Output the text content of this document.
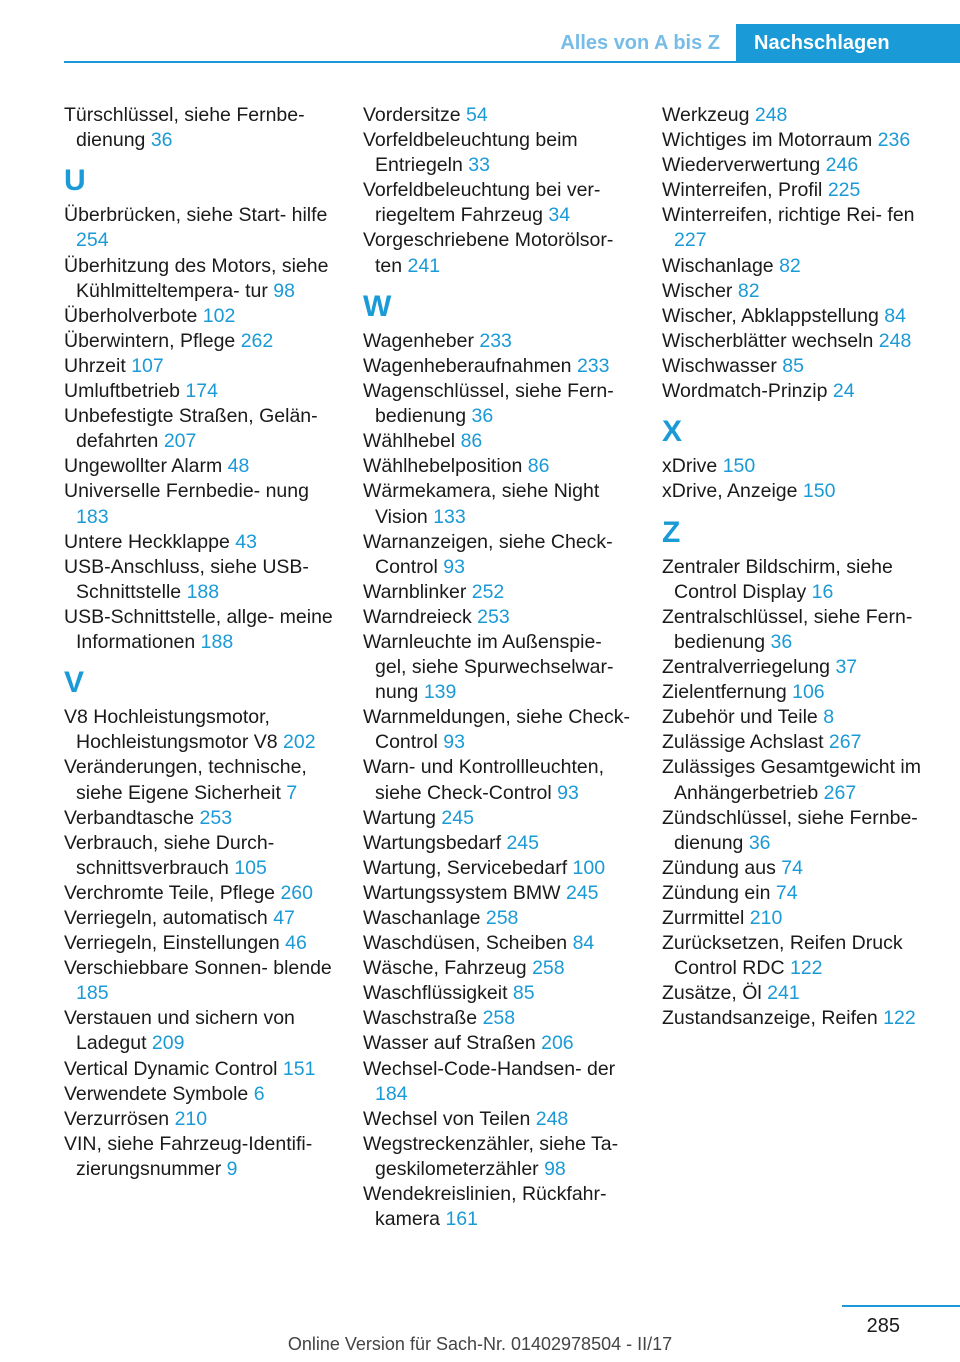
Alles von A bis Z	Nachschlagen
Türschlüssel, siehe Fernbe- dienung 36
U
Überbrücken, siehe Start- hilfe 254
Überhitzung des Motors, siehe Kühlmitteltempera- tur 98
Überholverbote 102
Überwintern, Pflege 262
Uhrzeit 107
Umluftbetrieb 174
Unbefestigte Straßen, Gelän- defahrten 207
Ungewollter Alarm 48
Universelle Fernbedie- nung 183
Untere Heckklappe 43
USB-Anschluss, siehe USB- Schnittstelle 188
USB-Schnittstelle, allge- meine Informationen 188
V
V8 Hochleistungsmotor, Hochleistungsmotor V8 202
Veränderungen, technische, siehe Eigene Sicherheit 7
Verbandtasche 253
Verbrauch, siehe Durch- schnittsverbrauch 105
Verchromte Teile, Pflege 260
Verriegeln, automatisch 47
Verriegeln, Einstellungen 46
Verschiebbare Sonnen- blende 185
Verstauen und sichern von Ladegut 209
Vertical Dynamic Control 151
Verwendete Symbole 6
Verzurrösen 210
VIN, siehe Fahrzeug-Identifi- zierungsnummer 9
Vordersitze 54
Vorfeldbeleuchtung beim Entriegeln 33
Vorfeldbeleuchtung bei ver- riegeltem Fahrzeug 34
Vorgeschriebene Motorölsor- ten 241
W
Wagenheber 233
Wagenheberaufnahmen 233
Wagenschlüssel, siehe Fern- bedienung 36
Wählhebel 86
Wählhebelposition 86
Wärmekamera, siehe Night Vision 133
Warnanzeigen, siehe Check- Control 93
Warnblinker 252
Warndreieck 253
Warnleuchte im Außenspie- gel, siehe Spurwechselwar- nung 139
Warnmeldungen, siehe Check-Control 93
Warn- und Kontrollleuchten, siehe Check-Control 93
Wartung 245
Wartungsbedarf 245
Wartung, Servicebedarf 100
Wartungssystem BMW 245
Waschanlage 258
Waschdüsen, Scheiben 84
Wäsche, Fahrzeug 258
Waschflüssigkeit 85
Waschstraße 258
Wasser auf Straßen 206
Wechsel-Code-Handsen- der 184
Wechsel von Teilen 248
Wegstreckenzähler, siehe Ta- geskilometerzähler 98
Wendekreislinien, Rückfahr- kamera 161
Werkzeug 248
Wichtiges im Motorraum 236
Wiederverwertung 246
Winterreifen, Profil 225
Winterreifen, richtige Rei- fen 227
Wischanlage 82
Wischer 82
Wischer, Abklappstellung 84
Wischerblätter wechseln 248
Wischwasser 85
Wordmatch-Prinzip 24
X
xDrive 150
xDrive, Anzeige 150
Z
Zentraler Bildschirm, siehe Control Display 16
Zentralschlüssel, siehe Fern- bedienung 36
Zentralverriegelung 37
Zielentfernung 106
Zubehör und Teile 8
Zulässige Achslast 267
Zulässiges Gesamtgewicht im Anhängerbetrieb 267
Zündschlüssel, siehe Fernbe- dienung 36
Zündung aus 74
Zündung ein 74
Zurrmittel 210
Zurücksetzen, Reifen Druck Control RDC 122
Zusätze, Öl 241
Zustandsanzeige, Reifen 122
285
Online Version für Sach-Nr. 01402978504 - II/17
